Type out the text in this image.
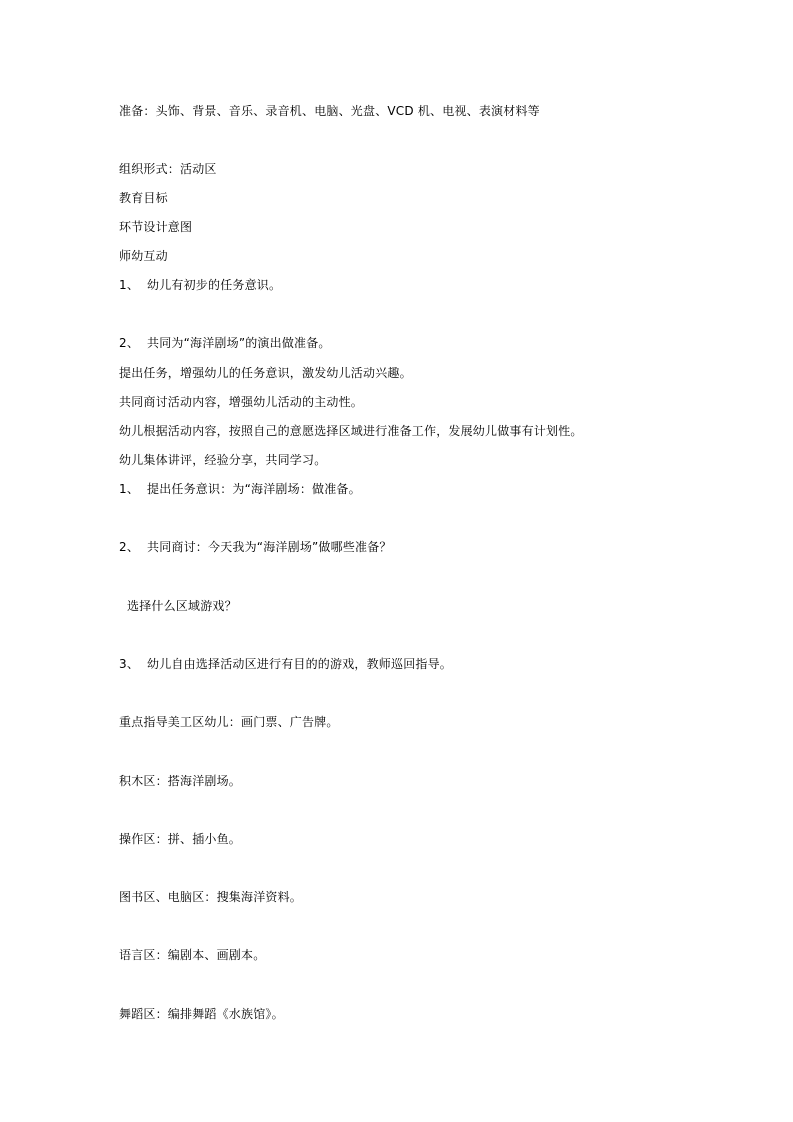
准备：头饰、背景、音乐、录音机、电脑、光盘、VCD 机、电视、表演材料等
组织形式：活动区
教育目标
环节设计意图
师幼互动
1、 幼儿有初步的任务意识。
2、 共同为“海洋剧场”的演出做准备。
提出任务，增强幼儿的任务意识，激发幼儿活动兴趣。
共同商讨活动内容，增强幼儿活动的主动性。
幼儿根据活动内容，按照自己的意愿选择区域进行准备工作，发展幼儿做事有计划性。
幼儿集体讲评，经验分享，共同学习。
1、 提出任务意识：为“海洋剧场：做准备。
2、 共同商讨：今天我为“海洋剧场”做哪些准备？
选择什么区域游戏？
3、 幼儿自由选择活动区进行有目的的游戏，教师巡回指导。
重点指导美工区幼儿：画门票、广告牌。
积木区：搭海洋剧场。
操作区：拼、插小鱼。
图书区、电脑区：搜集海洋资料。
语言区：编剧本、画剧本。
舞蹈区：编排舞蹈《水族馆》。
